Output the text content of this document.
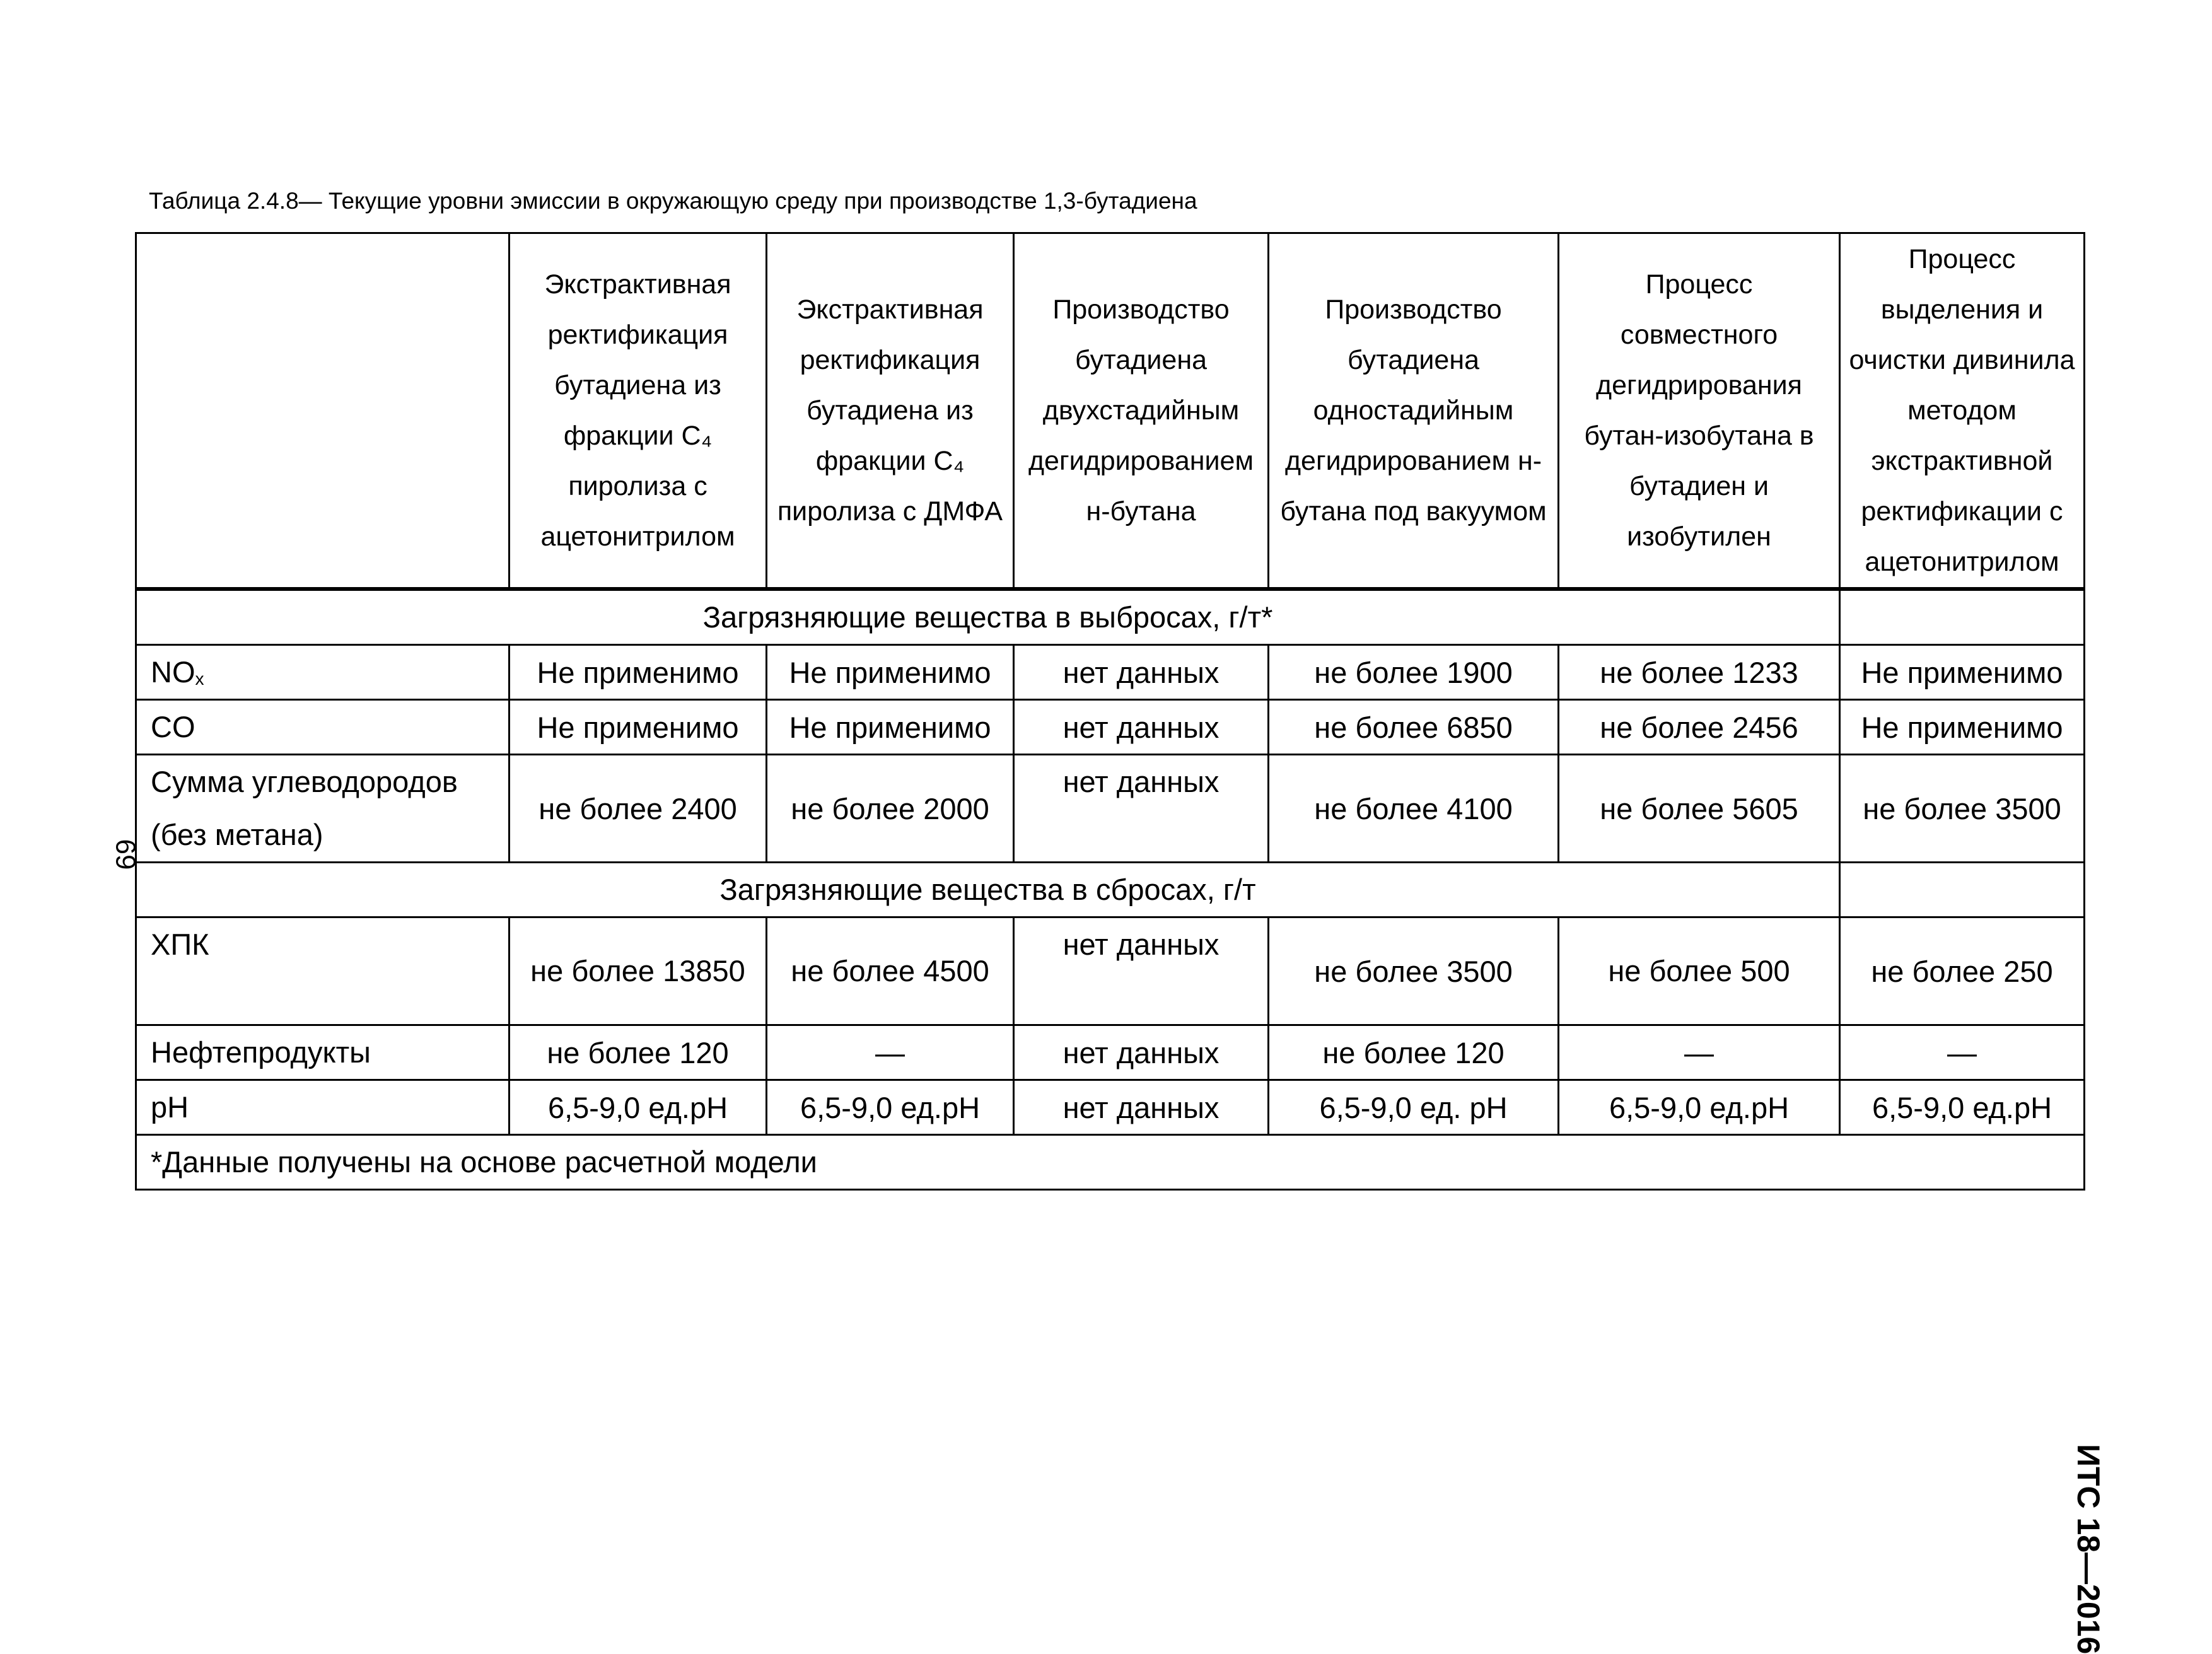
Таблица 2.4.8— Текущие уровни эмиссии в окружающую среду при производстве 1,3-бутадиена
69
ИТС 18—2016
	Экстрактивная ректификация бутадиена из фракции С₄ пиролиза с ацетонитрилом	Экстрактивная ректификация бутадиена из фракции С₄ пиролиза с ДМФА	Производство бутадиена двухстадийным дегидрированием н-бутана	Производство бутадиена одностадийным дегидрированием н-бутана под вакуумом	Процесс совместного дегидрирования бутан-изобутана в бутадиен и изобутилен	Процесс выделения и очистки дивинила методом экстрактивной ректификации с ацетонитрилом
Загрязняющие вещества в выбросах, г/т*						
$NO_x$	Не применимо	Не применимо	нет данных	не более 1900	не более 1233	Не применимо
CO	Не применимо	Не применимо	нет данных	не более 6850	не более 2456	Не применимо
Сумма углеводородов (без метана)	не более 2400	не более 2000	нет данных	не более 4100	не более 5605	не более 3500
Загрязняющие вещества в сбросах, г/т						
ХПК	не более 13850	не более 4500	нет данных	не более 3500	не более 500	не более 250
Нефтепродукты	не более 120	—	нет данных	не более 120	—	—
pH	6,5-9,0 ед.pH	6,5-9,0 ед.pH	нет данных	6,5-9,0 ед. pH	6,5-9,0 ед.pH	6,5-9,0 ед.pH
*Данные получены на основе расчетной модели						
